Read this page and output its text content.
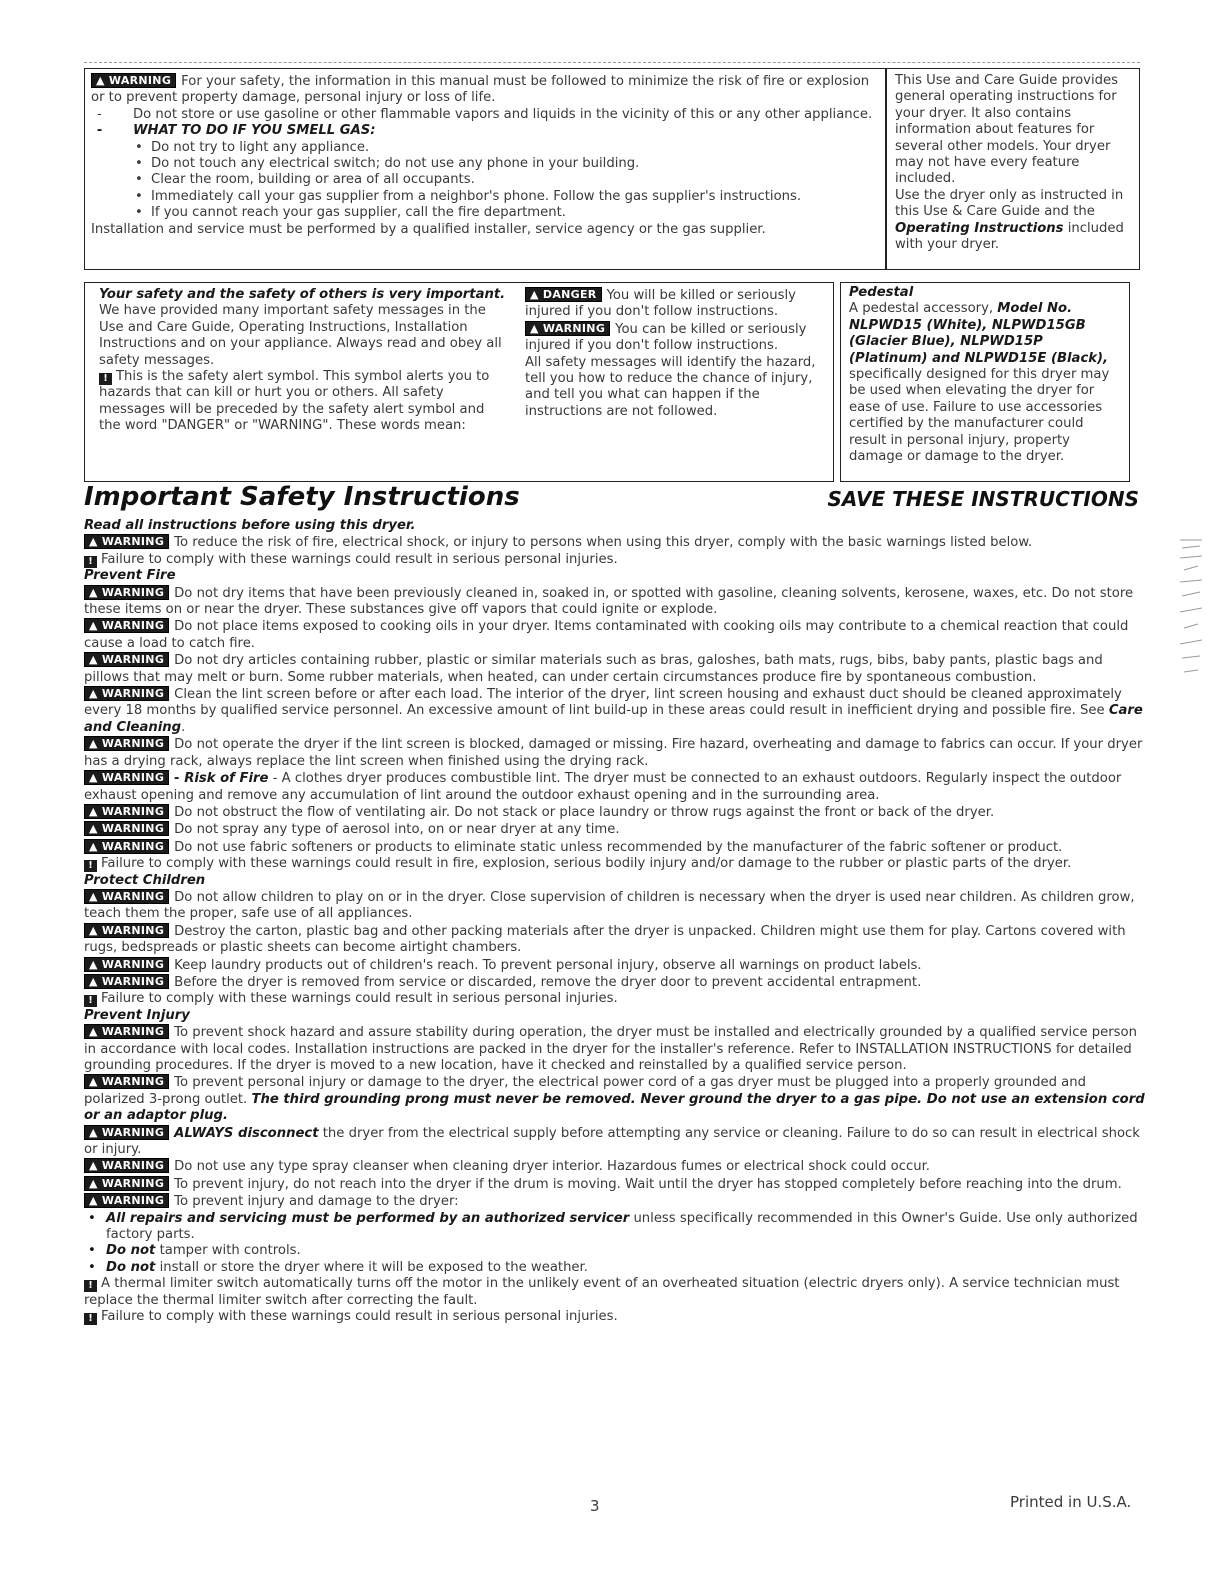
▲ WARNING For your safety, the information in this manual must be followed to minimize the risk of fire or explosion or to prevent property damage, personal injury or loss of life.

- Do not store or use gasoline or other flammable vapors and liquids in the vicinity of this or any other appliance.

- WHAT TO DO IF YOU SMELL GAS:

• Do not try to light any appliance.

• Do not touch any electrical switch; do not use any phone in your building.

• Clear the room, building or area of all occupants.

• Immediately call your gas supplier from a neighbor's phone. Follow the gas supplier's instructions.

• If you cannot reach your gas supplier, call the fire department.

Installation and service must be performed by a qualified installer, service agency or the gas supplier.

This Use and Care Guide provides general operating instructions for your dryer. It also contains information about features for several other models. Your dryer may not have every feature included.

Use the dryer only as instructed in this Use & Care Guide and the Operating Instructions included with your dryer.

Your safety and the safety of others is very important.

We have provided many important safety messages in the Use and Care Guide, Operating Instructions, Installation Instructions and on your appliance. Always read and obey all safety messages.

! This is the safety alert symbol. This symbol alerts you to hazards that can kill or hurt you or others. All safety messages will be preceded by the safety alert symbol and the word "DANGER" or "WARNING". These words mean:

▲ DANGER You will be killed or seriously injured if you don't follow instructions.

▲ WARNING You can be killed or seriously injured if you don't follow instructions.

All safety messages will identify the hazard, tell you how to reduce the chance of injury, and tell you what can happen if the instructions are not followed.

Pedestal

A pedestal accessory, Model No. NLPWD15 (White), NLPWD15GB (Glacier Blue), NLPWD15P (Platinum) and NLPWD15E (Black), specifically designed for this dryer may be used when elevating the dryer for ease of use. Failure to use accessories certified by the manufacturer could result in personal injury, property damage or damage to the dryer.

Important Safety Instructions	SAVE THESE INSTRUCTIONS

Read all instructions before using this dryer.

▲ WARNING To reduce the risk of fire, electrical shock, or injury to persons when using this dryer, comply with the basic warnings listed below.

! Failure to comply with these warnings could result in serious personal injuries.

Prevent Fire

▲ WARNING Do not dry items that have been previously cleaned in, soaked in, or spotted with gasoline, cleaning solvents, kerosene, waxes, etc. Do not store these items on or near the dryer. These substances give off vapors that could ignite or explode.

▲ WARNING Do not place items exposed to cooking oils in your dryer. Items contaminated with cooking oils may contribute to a chemical reaction that could cause a load to catch fire.

▲ WARNING Do not dry articles containing rubber, plastic or similar materials such as bras, galoshes, bath mats, rugs, bibs, baby pants, plastic bags and pillows that may melt or burn. Some rubber materials, when heated, can under certain circumstances produce fire by spontaneous combustion.

▲ WARNING Clean the lint screen before or after each load. The interior of the dryer, lint screen housing and exhaust duct should be cleaned approximately every 18 months by qualified service personnel. An excessive amount of lint build-up in these areas could result in inefficient drying and possible fire. See Care and Cleaning.

▲ WARNING Do not operate the dryer if the lint screen is blocked, damaged or missing. Fire hazard, overheating and damage to fabrics can occur. If your dryer has a drying rack, always replace the lint screen when finished using the drying rack.

▲ WARNING - Risk of Fire - A clothes dryer produces combustible lint. The dryer must be connected to an exhaust outdoors. Regularly inspect the outdoor exhaust opening and remove any accumulation of lint around the outdoor exhaust opening and in the surrounding area.

▲ WARNING Do not obstruct the flow of ventilating air. Do not stack or place laundry or throw rugs against the front or back of the dryer.

▲ WARNING Do not spray any type of aerosol into, on or near dryer at any time.

▲ WARNING Do not use fabric softeners or products to eliminate static unless recommended by the manufacturer of the fabric softener or product.

! Failure to comply with these warnings could result in fire, explosion, serious bodily injury and/or damage to the rubber or plastic parts of the dryer.

Protect Children

▲ WARNING Do not allow children to play on or in the dryer. Close supervision of children is necessary when the dryer is used near children. As children grow, teach them the proper, safe use of all appliances.

▲ WARNING Destroy the carton, plastic bag and other packing materials after the dryer is unpacked. Children might use them for play. Cartons covered with rugs, bedspreads or plastic sheets can become airtight chambers.

▲ WARNING Keep laundry products out of children's reach. To prevent personal injury, observe all warnings on product labels.

▲ WARNING Before the dryer is removed from service or discarded, remove the dryer door to prevent accidental entrapment.

! Failure to comply with these warnings could result in serious personal injuries.

Prevent Injury

▲ WARNING To prevent shock hazard and assure stability during operation, the dryer must be installed and electrically grounded by a qualified service person in accordance with local codes. Installation instructions are packed in the dryer for the installer's reference. Refer to INSTALLATION INSTRUCTIONS for detailed grounding procedures. If the dryer is moved to a new location, have it checked and reinstalled by a qualified service person.

▲ WARNING To prevent personal injury or damage to the dryer, the electrical power cord of a gas dryer must be plugged into a properly grounded and polarized 3-prong outlet. The third grounding prong must never be removed. Never ground the dryer to a gas pipe. Do not use an extension cord or an adaptor plug.

▲ WARNING ALWAYS disconnect the dryer from the electrical supply before attempting any service or cleaning. Failure to do so can result in electrical shock or injury.

▲ WARNING Do not use any type spray cleanser when cleaning dryer interior. Hazardous fumes or electrical shock could occur.

▲ WARNING To prevent injury, do not reach into the dryer if the drum is moving. Wait until the dryer has stopped completely before reaching into the drum.

▲ WARNING To prevent injury and damage to the dryer:

• All repairs and servicing must be performed by an authorized servicer unless specifically recommended in this Owner's Guide. Use only authorized factory parts.

• Do not tamper with controls.

• Do not install or store the dryer where it will be exposed to the weather.

! A thermal limiter switch automatically turns off the motor in the unlikely event of an overheated situation (electric dryers only). A service technician must replace the thermal limiter switch after correcting the fault.

! Failure to comply with these warnings could result in serious personal injuries.

3	Printed in U.S.A.
